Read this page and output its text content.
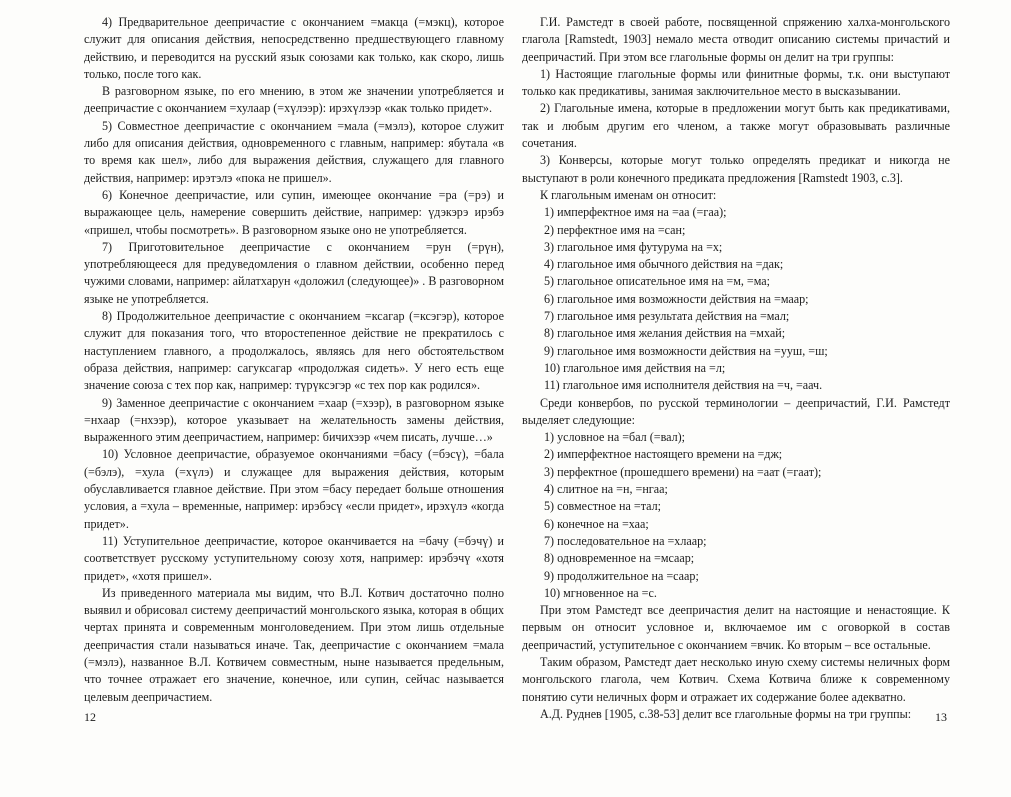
4) Предварительное деепричастие с окончанием =макца (=мэкц), которое служит для описания действия, непосредственно предшествующего главному действию, и переводится на русский язык союзами как только, как скоро, лишь только, после того как.

В разговорном языке, по его мнению, в этом же значении употребляется и деепричастие с окончанием =хулаар (=хүлээр): ирэхүлээр «как только придет».

5) Совместное деепричастие с окончанием =мала (=мэлэ), которое служит либо для описания действия, одновременного с главным, например: ябуталa «в то время как шел», либо для выражения действия, служащего для главного действия, например: ирэтэлэ «пока не пришел».

6) Конечное деепричастие, или супин, имеющее окончание =ра (=рэ) и выражающее цель, намерение совершить действие, например: үдэкэрэ ирэбэ «пришел, чтобы посмотреть». В разговорном языке оно не употребляется.

7) Приготовительное деепричастие с окончанием =рун (=рүн), употребляющееся для предуведомления о главном действии, особенно перед чужими словами, например: айлатхарун «доложил (следующее)» . В разговорном языке не употребляется.

8) Продолжительное деепричастие с окончанием =ксагар (=ксэгэр), которое служит для показания того, что второстепенное действие не прекратилось с наступлением главного, а продолжалось, являясь для него обстоятельством образа действия, например: сагуксагар «продолжая сидеть». У него есть еще значение союза с тех пор как, например: түрүксэгэр «с тех пор как родился».

9) Заменное деепричастие с окончанием =хаар (=хээр), в разговорном языке =нхаар (=нхээр), которое указывает на желательность замены действия, выраженного этим деепричастием, например: бичихээр «чем писать, лучше…»

10) Условное деепричастие, образуемое окончаниями =басу (=бэсү), =бала (=бэлэ), =хула (=хүлэ) и служащее для выражения действия, которым обуславливается главное действие. При этом =басу передает больше отношения условия, а =хула – временные, например: ирэбэсү «если придет», ирэхүлэ «когда придет».

11) Уступительное деепричастие, которое оканчивается на =бачу (=бэчү) и соответствует русскому уступительному союзу хотя, например: ирэбэчү «хотя придет», «хотя пришел».

Из приведенного материала мы видим, что В.Л. Котвич достаточно полно выявил и обрисовал систему деепричастий монгольского языка, которая в общих чертах принята и современным монголоведением. При этом лишь отдельные деепричастия стали называться иначе. Так, деепричастие с окончанием =мала (=мэлэ), названное В.Л. Котвичем совместным, ныне называется предельным, что точнее отражает его значение, конечное, или супин, сейчас называется целевым деепричастием.

12

Г.И. Рамстедт в своей работе, посвященной спряжению халха-монгольского глагола [Ramstedt, 1903] немало места отводит описанию системы причастий и деепричастий. При этом все глагольные формы он делит на три группы:

1) Настоящие глагольные формы или финитные формы, т.к. они выступают только как предикативы, занимая заключительное место в высказывании.

2) Глагольные имена, которые в предложении могут быть как предикативами, так и любым другим его членом, а также могут образовывать различные сочетания.

3) Конверсы, которые могут только определять предикат и никогда не выступают в роли конечного предиката предложения [Ramstedt 1903, с.3].

К глагольным именам он относит:

1) имперфектное имя на =аа (=гаа);
2) перфектное имя на =сан;
3) глагольное имя футурума на =х;
4) глагольное имя обычного действия на =дак;
5) глагольное описательное имя на =м, =ма;
6) глагольное имя возможности действия на =маар;
7) глагольное имя результата действия на =мал;
8) глагольное имя желания действия на =мхай;
9) глагольное имя возможности действия на =ууш, =ш;
10) глагольное имя действия на =л;
11) глагольное имя исполнителя действия на =ч, =аач.

Среди конвербов, по русской терминологии – деепричастий, Г.И. Рамстедт выделяет следующие:

1) условное на =бал (=вал);
2) имперфектное настоящего времени на =дж;
3) перфектное (прошедшего времени) на =аат (=гаат);
4) слитное на =н, =нгаа;
5) совместное на =тал;
6) конечное на =хаа;
7) последовательное на =хлаар;
8) одновременное на =мсаар;
9) продолжительное на =саар;
10) мгновенное на =с.

При этом Рамстедт все деепричастия делит на настоящие и ненастоящие. К первым он относит условное и, включаемое им с оговоркой в состав деепричастий, уступительное с окончанием =вчик. Ко вторым – все остальные.

Таким образом, Рамстедт дает несколько иную схему системы неличных форм монгольского глагола, чем Котвич. Схема Котвича ближе к современному понятию сути неличных форм и отражает их содержание более адекватно.

А.Д. Руднев [1905, с.38-53] делит все глагольные формы на три группы:	13
